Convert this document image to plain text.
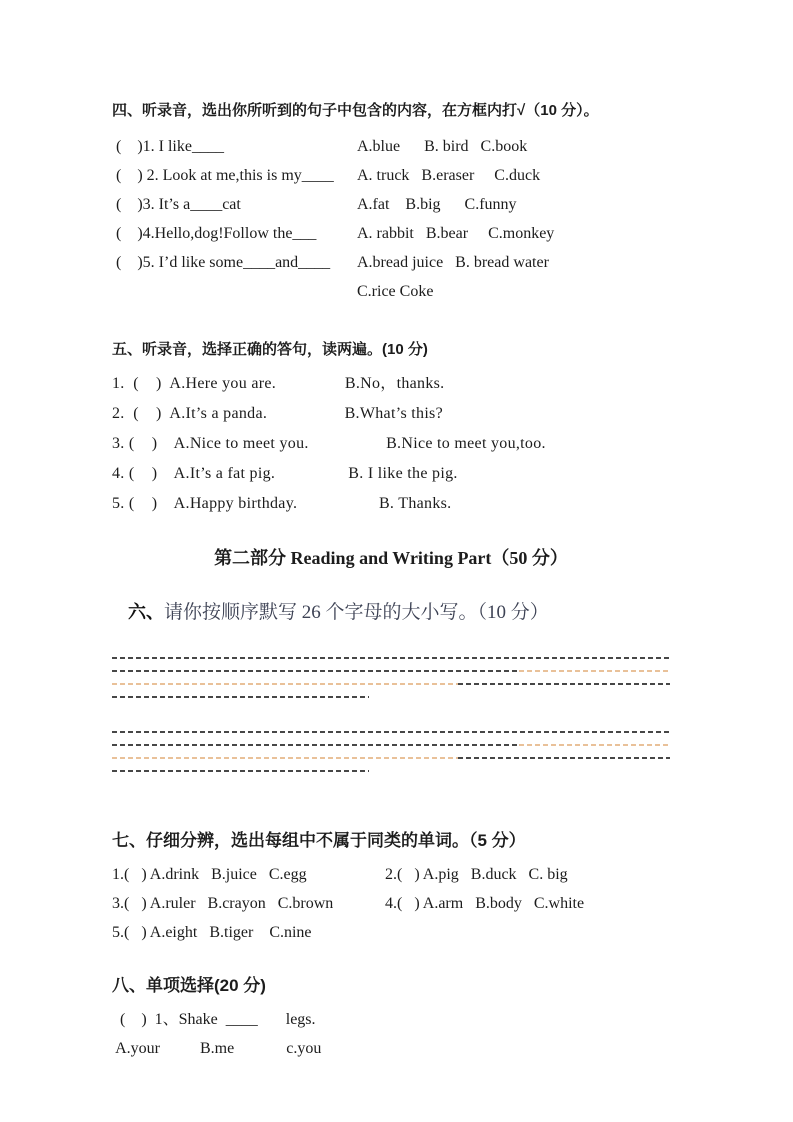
四、听录音，选出你所听到的句子中包含的内容，在方框内打√（10 分）。
(    )1. I like____	A.blue      B. bird   C.book
(    ) 2. Look at me,this is my____	A. truck   B.eraser     C.duck
(    )3. It’s a____cat	A.fat    B.big      C.funny
(    )4.Hello,dog!Follow the___	A. rabbit   B.bear     C.monkey
(    )5. I’d like some____and____	A.bread juice   B. bread water
C.rice Coke
五、听录音，选择正确的答句，读两遍。(10 分)
1.  (    )  A.Here you are.                B.No，thanks.
2.  (    )  A.It’s a panda.                  B.What’s this?
3. (    )    A.Nice to meet you.                  B.Nice to meet you,too.
4. (    )    A.It’s a fat pig.                 B. I like the pig.
5. (    )    A.Happy birthday.                   B. Thanks.
第二部分 Reading and Writing Part（50 分）

六、请你按顺序默写 26 个字母的大小写。（10 分）

七、仔细分辨，选出每组中不属于同类的单词。（5 分）
1.(   ) A.drink   B.juice   C.egg	2.(   ) A.pig   B.duck   C. big
3.(   ) A.ruler   B.crayon   C.brown	4.(   ) A.arm   B.body   C.white
5.(   ) A.eight   B.tiger    C.nine
八、单项选择(20 分)
(    )  1、Shake  ____       legs.
A.your          B.me             c.you
